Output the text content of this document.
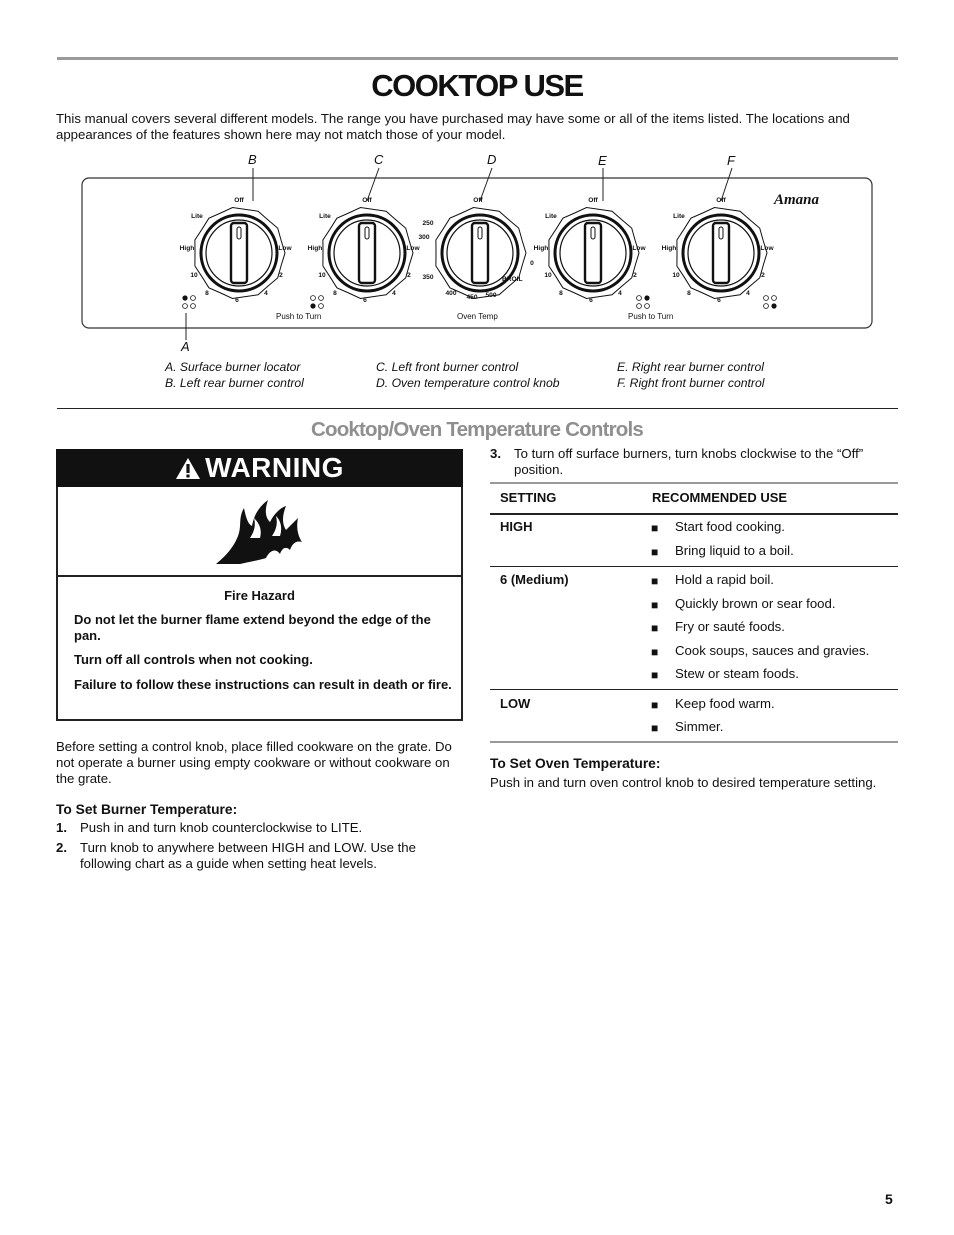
COOKTOP USE
This manual covers several different models. The range you have purchased may have some or all of the items listed. The locations and appearances of the features shown here may not match those of your model.
B	C	D	E	F
A
Off
Lite
High	Low
10
8
6
4
2
Off
Lite
High	Low
10
8
6
4
2
Off
250
300
0
350
400
450	500
BROIL
Off
Lite
High	Low
10
8
6
4
2
Off
Lite
High	Low
10
8
6
4
2
Amana
Push to Turn	Oven Temp	Push to Turn
A. Surface burner locator
B. Left rear burner control
C. Left front burner control
D. Oven temperature control knob
E. Right rear burner control
F. Right front burner control
Cooktop/Oven Temperature Controls
WARNING
Fire Hazard
Do not let the burner flame extend beyond the edge of the pan.
Turn off all controls when not cooking.
Failure to follow these instructions can result in death or fire.
Before setting a control knob, place filled cookware on the grate. Do not operate a burner using empty cookware or without cookware on the grate.
To Set Burner Temperature:
1. Push in and turn knob counterclockwise to LITE.
2. Turn knob to anywhere between HIGH and LOW. Use the following chart as a guide when setting heat levels.
3. To turn off surface burners, turn knobs clockwise to the “Off” position.
SETTING	RECOMMENDED USE
HIGH	■ Start food cooking.
■ Bring liquid to a boil.
6 (Medium)	■ Hold a rapid boil.
■ Quickly brown or sear food.
■ Fry or sauté foods.
■ Cook soups, sauces and gravies.
■ Stew or steam foods.
LOW	■ Keep food warm.
■ Simmer.
To Set Oven Temperature:
Push in and turn oven control knob to desired temperature setting.
5
